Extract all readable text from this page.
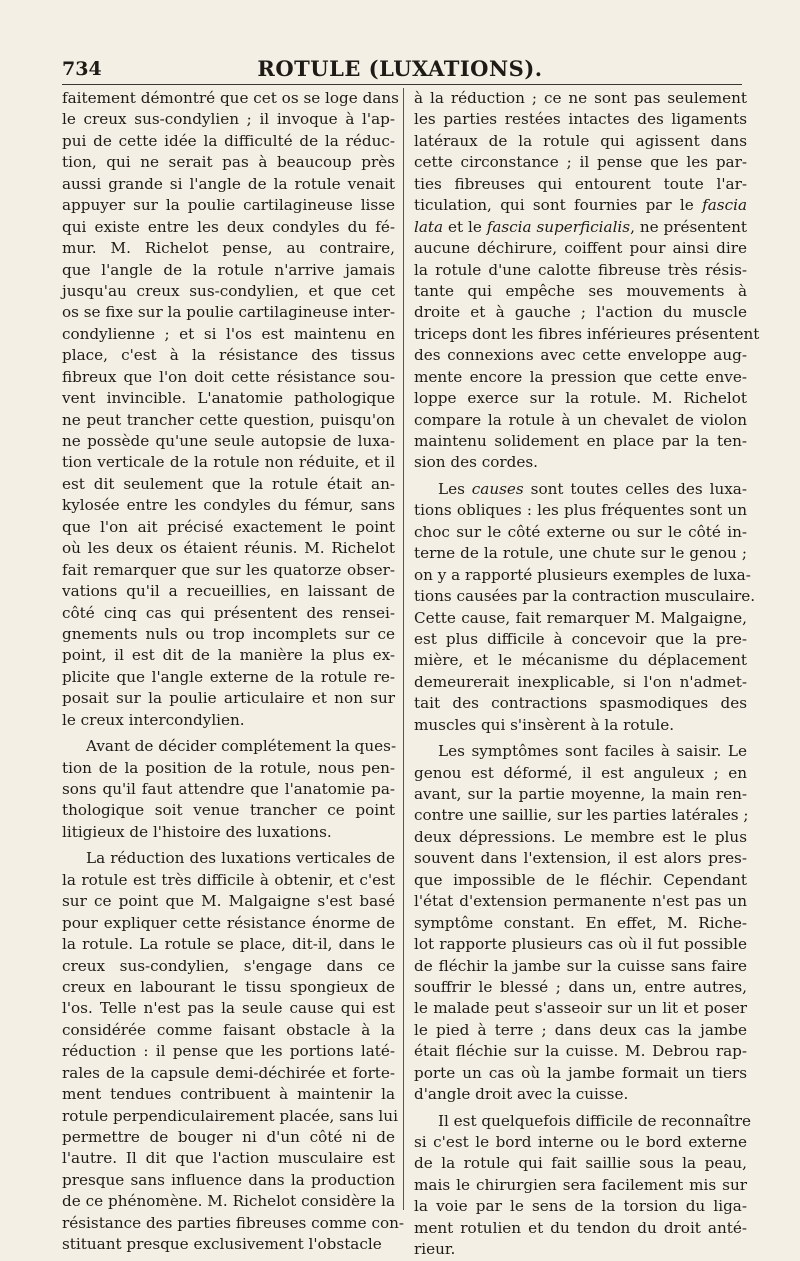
734	ROTULE (LUXATIONS).
faitement démontré que cet os se loge dans
le creux sus-condylien ; il invoque à l'ap-
pui de cette idée la difficulté de la réduc-
tion, qui ne serait pas à beaucoup près
aussi grande si l'angle de la rotule venait
appuyer sur la poulie cartilagineuse lisse
qui existe entre les deux condyles du fé-
mur. M. Richelot pense, au contraire,
que l'angle de la rotule n'arrive jamais
jusqu'au creux sus-condylien, et que cet
os se fixe sur la poulie cartilagineuse inter-
condylienne ; et si l'os est maintenu en
place, c'est à la résistance des tissus
fibreux que l'on doit cette résistance sou-
vent invincible. L'anatomie pathologique
ne peut trancher cette question, puisqu'on
ne possède qu'une seule autopsie de luxa-
tion verticale de la rotule non réduite, et il
est dit seulement que la rotule était an-
kylosée entre les condyles du fémur, sans
que l'on ait précisé exactement le point
où les deux os étaient réunis. M. Richelot
fait remarquer que sur les quatorze obser-
vations qu'il a recueillies, en laissant de
côté cinq cas qui présentent des rensei-
gnements nuls ou trop incomplets sur ce
point, il est dit de la manière la plus ex-
plicite que l'angle externe de la rotule re-
posait sur la poulie articulaire et non sur
le creux intercondylien.
Avant de décider complétement la ques-
tion de la position de la rotule, nous pen-
sons qu'il faut attendre que l'anatomie pa-
thologique soit venue trancher ce point
litigieux de l'histoire des luxations.
La réduction des luxations verticales de
la rotule est très difficile à obtenir, et c'est
sur ce point que M. Malgaigne s'est basé
pour expliquer cette résistance énorme de
la rotule. La rotule se place, dit-il, dans le
creux sus-condylien, s'engage dans ce
creux en labourant le tissu spongieux de
l'os. Telle n'est pas la seule cause qui est
considérée comme faisant obstacle à la
réduction : il pense que les portions laté-
rales de la capsule demi-déchirée et forte-
ment tendues contribuent à maintenir la
rotule perpendiculairement placée, sans lui
permettre de bouger ni d'un côté ni de
l'autre. Il dit que l'action musculaire est
presque sans influence dans la production
de ce phénomène. M. Richelot considère la
résistance des parties fibreuses comme con-
stituant presque exclusivement l'obstacle
à la réduction ; ce ne sont pas seulement
les parties restées intactes des ligaments
latéraux de la rotule qui agissent dans
cette circonstance ; il pense que les par-
ties fibreuses qui entourent toute l'ar-
ticulation, qui sont fournies par le fascia
lata et le fascia superficialis, ne présentent
aucune déchirure, coiffent pour ainsi dire
la rotule d'une calotte fibreuse très résis-
tante qui empêche ses mouvements à
droite et à gauche ; l'action du muscle
triceps dont les fibres inférieures présentent
des connexions avec cette enveloppe aug-
mente encore la pression que cette enve-
loppe exerce sur la rotule. M. Richelot
compare la rotule à un chevalet de violon
maintenu solidement en place par la ten-
sion des cordes.
Les causes sont toutes celles des luxa-
tions obliques : les plus fréquentes sont un
choc sur le côté externe ou sur le côté in-
terne de la rotule, une chute sur le genou ;
on y a rapporté plusieurs exemples de luxa-
tions causées par la contraction musculaire.
Cette cause, fait remarquer M. Malgaigne,
est plus difficile à concevoir que la pre-
mière, et le mécanisme du déplacement
demeurerait inexplicable, si l'on n'admet-
tait des contractions spasmodiques des
muscles qui s'insèrent à la rotule.
Les symptômes sont faciles à saisir. Le
genou est déformé, il est anguleux ; en
avant, sur la partie moyenne, la main ren-
contre une saillie, sur les parties latérales ;
deux dépressions. Le membre est le plus
souvent dans l'extension, il est alors pres-
que impossible de le fléchir. Cependant
l'état d'extension permanente n'est pas un
symptôme constant. En effet, M. Riche-
lot rapporte plusieurs cas où il fut possible
de fléchir la jambe sur la cuisse sans faire
souffrir le blessé ; dans un, entre autres,
le malade peut s'asseoir sur un lit et poser
le pied à terre ; dans deux cas la jambe
était fléchie sur la cuisse. M. Debrou rap-
porte un cas où la jambe formait un tiers
d'angle droit avec la cuisse.
Il est quelquefois difficile de reconnaître
si c'est le bord interne ou le bord externe
de la rotule qui fait saillie sous la peau,
mais le chirurgien sera facilement mis sur
la voie par le sens de la torsion du liga-
ment rotulien et du tendon du droit anté-
rieur.
